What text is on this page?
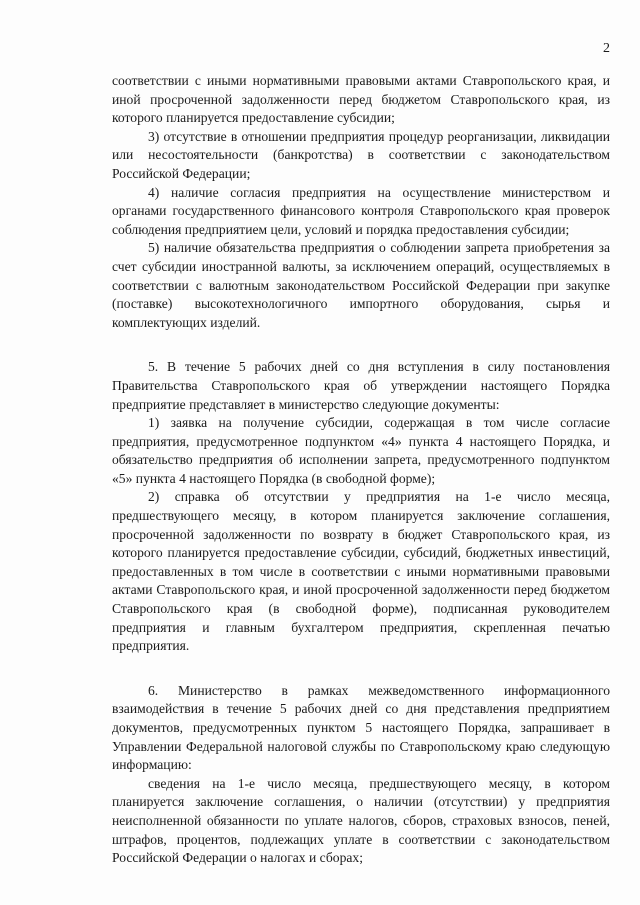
2

соответствии с иными нормативными правовыми актами Ставропольского края, и иной просроченной задолженности перед бюджетом Ставропольского края, из которого планируется предоставление субсидии;

3) отсутствие в отношении предприятия процедур реорганизации, ликвидации или несостоятельности (банкротства) в соответствии с законодательством Российской Федерации;

4) наличие согласия предприятия на осуществление министерством и органами государственного финансового контроля Ставропольского края проверок соблюдения предприятием цели, условий и порядка предоставления субсидии;

5) наличие обязательства предприятия о соблюдении запрета приобретения за счет субсидии иностранной валюты, за исключением операций, осуществляемых в соответствии с валютным законодательством Российской Федерации при закупке (поставке) высокотехнологичного импортного оборудования, сырья и комплектующих изделий.

5. В течение 5 рабочих дней со дня вступления в силу постановления Правительства Ставропольского края об утверждении настоящего Порядка предприятие представляет в министерство следующие документы:

1) заявка на получение субсидии, содержащая в том числе согласие предприятия, предусмотренное подпунктом «4» пункта 4 настоящего Порядка, и обязательство предприятия об исполнении запрета, предусмотренного подпунктом «5» пункта 4 настоящего Порядка (в свободной форме);

2) справка об отсутствии у предприятия на 1-е число месяца, предшествующего месяцу, в котором планируется заключение соглашения, просроченной задолженности по возврату в бюджет Ставропольского края, из которого планируется предоставление субсидии, субсидий, бюджетных инвестиций, предоставленных в том числе в соответствии с иными нормативными правовыми актами Ставропольского края, и иной просроченной задолженности перед бюджетом Ставропольского края (в свободной форме), подписанная руководителем предприятия и главным бухгалтером предприятия, скрепленная печатью предприятия.

6. Министерство в рамках межведомственного информационного взаимодействия в течение 5 рабочих дней со дня представления предприятием документов, предусмотренных пунктом 5 настоящего Порядка, запрашивает в Управлении Федеральной налоговой службы по Ставропольскому краю следующую информацию:

сведения на 1-е число месяца, предшествующего месяцу, в котором планируется заключение соглашения, о наличии (отсутствии) у предприятия неисполненной обязанности по уплате налогов, сборов, страховых взносов, пеней, штрафов, процентов, подлежащих уплате в соответствии с законодательством Российской Федерации о налогах и сборах;
